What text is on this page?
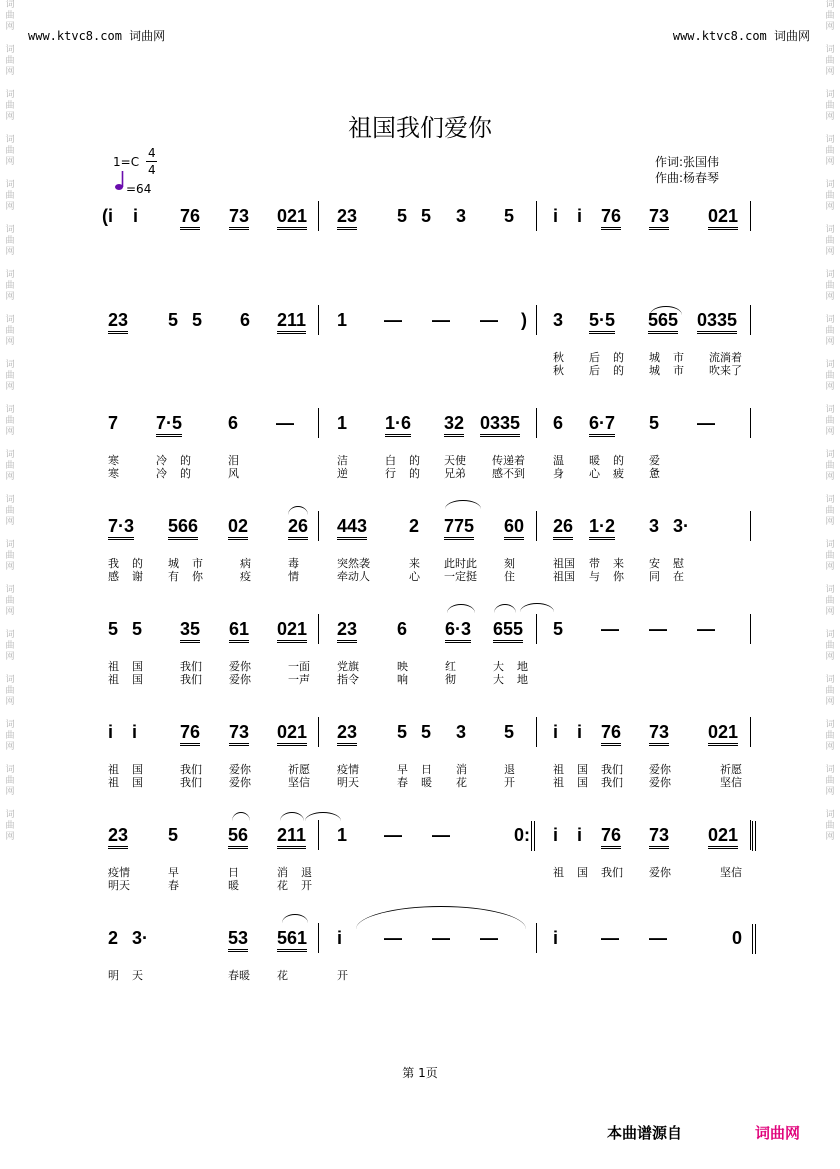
词
曲
网
词
曲
网
词
曲
网
词
曲
网
词
曲
网
词
曲
网
词
曲
网
词
曲
网
词
曲
网
词
曲
网
词
曲
网
词
曲
网
词
曲
网
词
曲
网
词
曲
网
词
曲
网
词
曲
网
词
曲
网
词
曲
网
词
曲
网
词
曲
网
词
曲
网
词
曲
网
词
曲
网
词
曲
网
词
曲
网
词
曲
网
词
曲
网
词
曲
网
词
曲
网
词
曲
网
词
曲
网
词
曲
网
词
曲
网
词
曲
网
词
曲
网
词
曲
网
词
曲
网
www.ktvc8.com 词曲网	www.ktvc8.com 词曲网
祖国我们爱你
1=C
4
4
=64
作词:张国伟
作曲:杨春琴
(i i 76 73 021 23 5 5 3 5 i i 76 73 021
23 5 5 6 211 1 — — — ) 3 5·5 565 0335
秋 后 的 城 市 流淌着
秋 后 的 城 市 吹来了
7 7·5	6 — 1 1·6 32 0335 6 6·7 5 —
寒	冷 的	泪	洁	白 的 天使 传递着	温 暖 的 爱
寒	冷 的	风	逆	行 的 兄弟 感不到	身 心 疲 惫
7·3 566 02 26 443 2 775 60 26 1·2 3 3·
我 的 城 市	病	毒	突然袭	来 此时此 刻	祖国 带 来 安 慰
感 谢 有 你	疫	情	牵动人	心 一定挺 住	祖国 与 你 同 在
5 5 35 61 021 23 6 6·3 655 5 — — —
祖 国	我们 爱你	一面 党旗	映	红	大 地
祖 国	我们 爱你	一声 指令	响	彻	大 地
i i 76 73 021 23 5 5 3 5 i i 76 73 021
祖 国	我们 爱你	祈愿 疫情	早 日 消	退	祖 国 我们 爱你	祈愿
祖 国	我们 爱你	坚信 明天	春 暖 花	开	祖 国 我们 爱你	坚信
23 5	56 211 1 — —	0: i i 76 73 021
疫情	早	日	消 退	祖 国 我们 爱你	坚信
明天	春	暖	花 开
2 3·	53 561 i — — —	i — —	0
明 天	春暖 花	开
第 1页
本曲谱源自	词曲网
